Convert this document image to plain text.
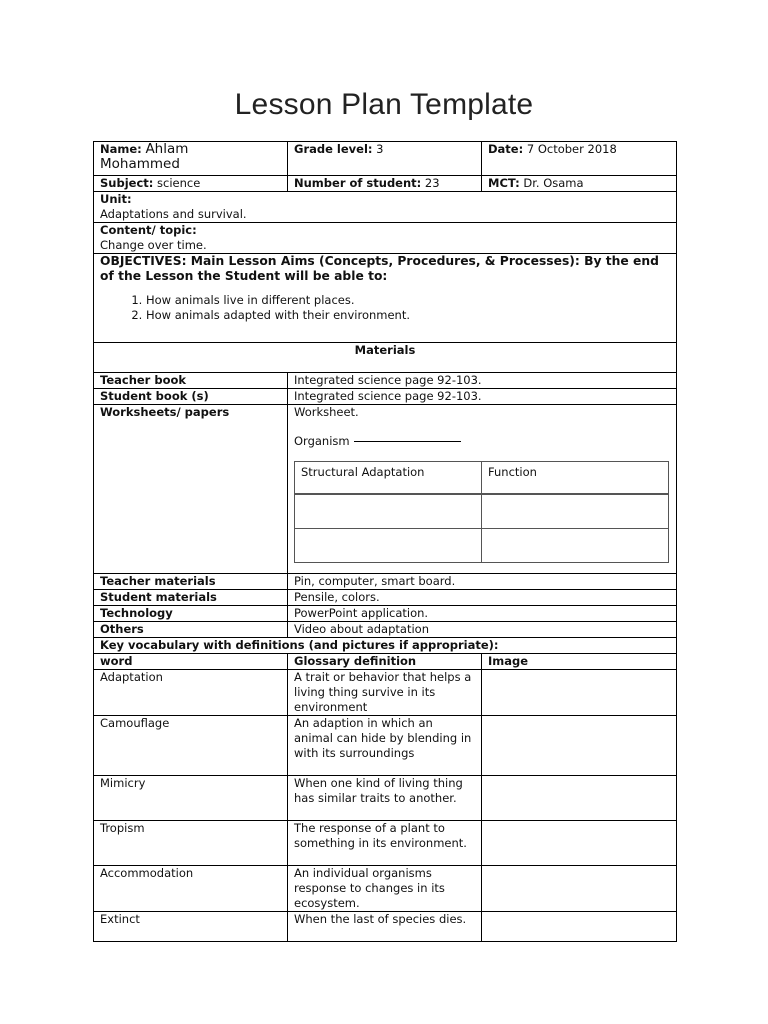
Lesson Plan Template
Name: Ahlam
Mohammed	Grade level: 3	Date: 7 October 2018
Subject: science	Number of student: 23	MCT: Dr. Osama
Unit:
Adaptations and survival.
Content/ topic:
Change over time.
OBJECTIVES: Main Lesson Aims (Concepts, Procedures, & Processes): By the end of the Lesson the Student will be able to:
1. How animals live in different places.
2. How animals adapted with their environment.

Materials
Teacher book	Integrated science page 92-103.
Student book (s)	Integrated science page 92-103.
Worksheets/ papers	Worksheet.
Organism
Structural Adaptation	Function

Teacher materials	Pin, computer, smart board.
Student materials	Pensile, colors.
Technology	PowerPoint application.
Others	Video about adaptation
Key vocabulary with definitions (and pictures if appropriate):
word	Glossary definition	Image
Adaptation	A trait or behavior that helps a living thing survive in its environment	
Camouflage	An adaption in which an animal can hide by blending in with its surroundings	
Mimicry	When one kind of living thing has similar traits to another.	
Tropism	The response of a plant to something in its environment.	
Accommodation	An individual organisms response to changes in its ecosystem.	
Extinct	When the last of species dies.	
